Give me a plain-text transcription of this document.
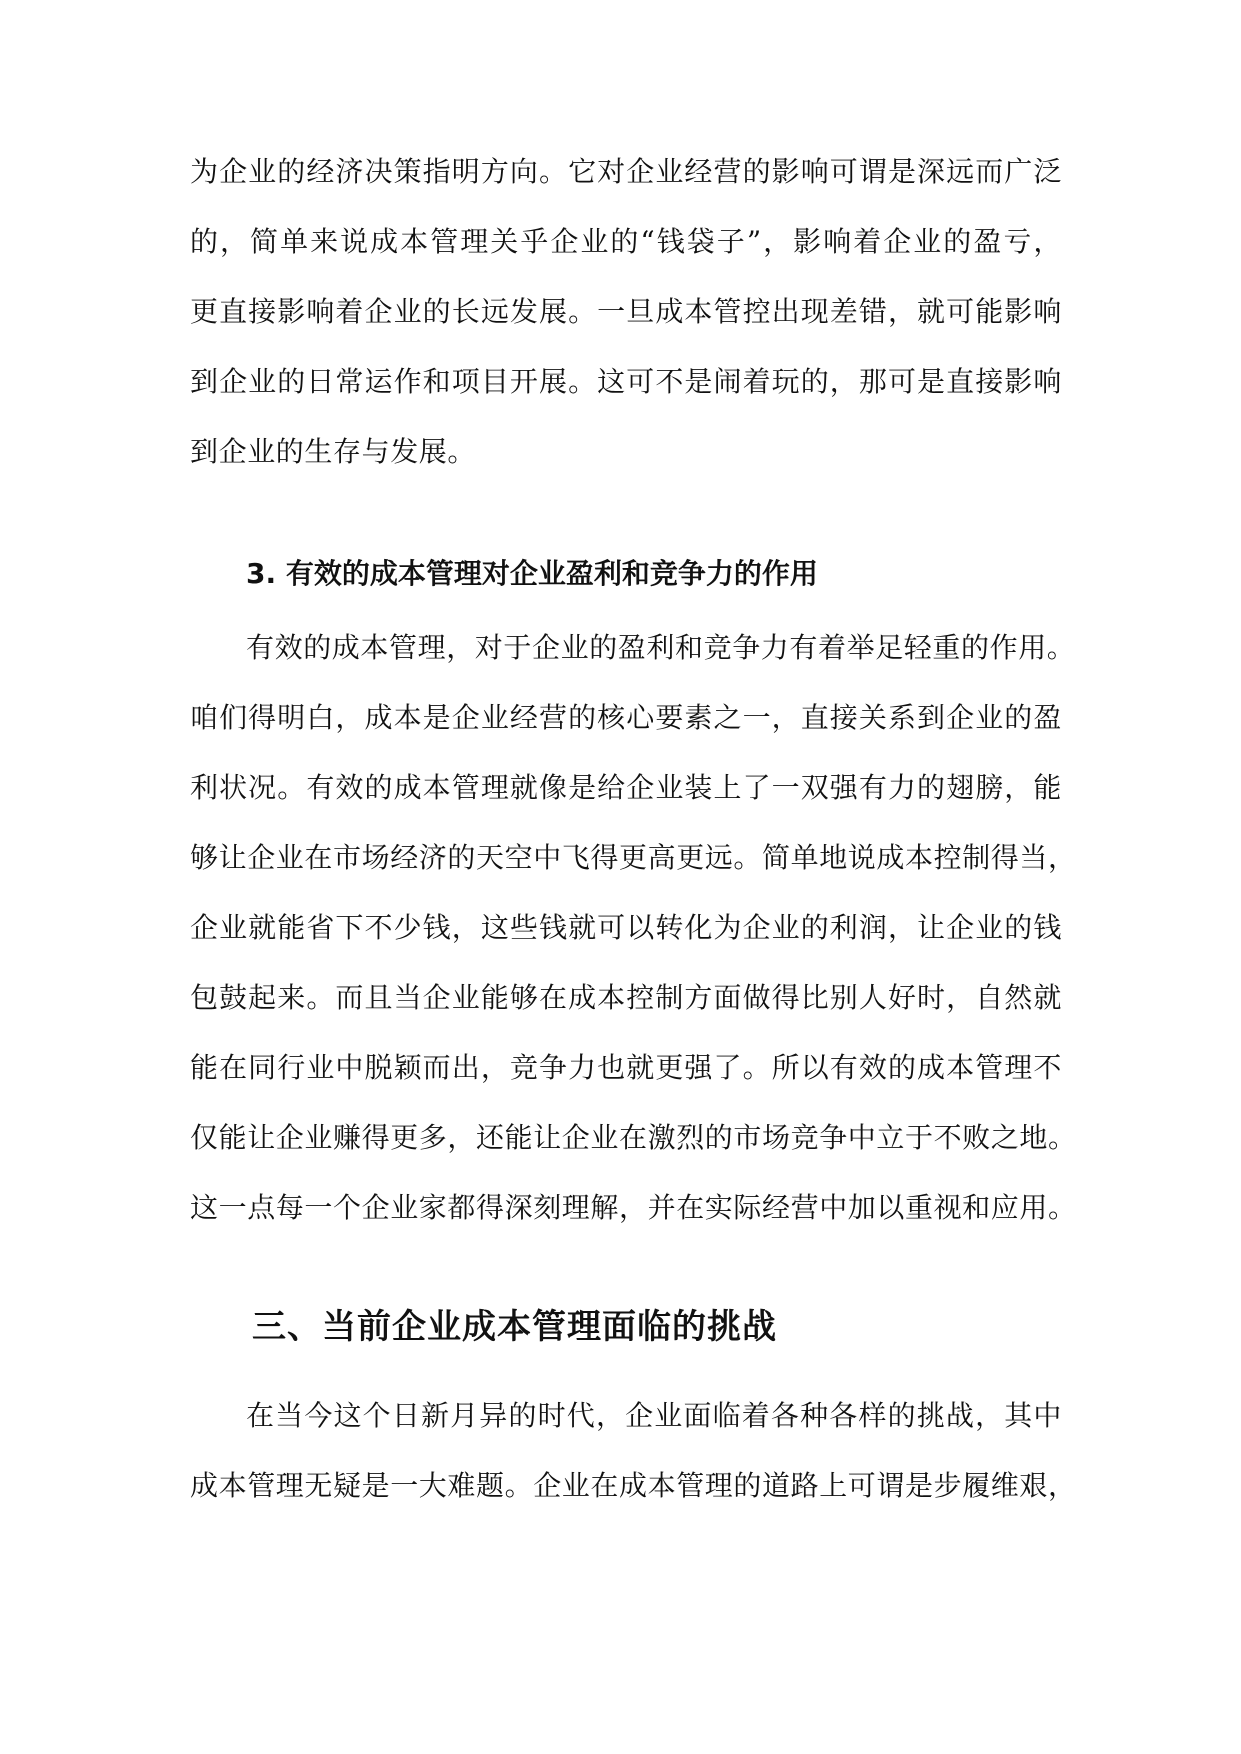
为企业的经济决策指明方向。它对企业经营的影响可谓是深远而广泛
的，简单来说成本管理关乎企业的“钱袋子”，影响着企业的盈亏，
更直接影响着企业的长远发展。一旦成本管控出现差错，就可能影响
到企业的日常运作和项目开展。这可不是闹着玩的，那可是直接影响
到企业的生存与发展。
3. 有效的成本管理对企业盈利和竞争力的作用
有效的成本管理，对于企业的盈利和竞争力有着举足轻重的作用。
咱们得明白，成本是企业经营的核心要素之一，直接关系到企业的盈
利状况。有效的成本管理就像是给企业装上了一双强有力的翅膀，能
够让企业在市场经济的天空中飞得更高更远。简单地说成本控制得当，
企业就能省下不少钱，这些钱就可以转化为企业的利润，让企业的钱
包鼓起来。而且当企业能够在成本控制方面做得比别人好时，自然就
能在同行业中脱颖而出，竞争力也就更强了。所以有效的成本管理不
仅能让企业赚得更多，还能让企业在激烈的市场竞争中立于不败之地。
这一点每一个企业家都得深刻理解，并在实际经营中加以重视和应用。
三、当前企业成本管理面临的挑战
在当今这个日新月异的时代，企业面临着各种各样的挑战，其中
成本管理无疑是一大难题。企业在成本管理的道路上可谓是步履维艰，
